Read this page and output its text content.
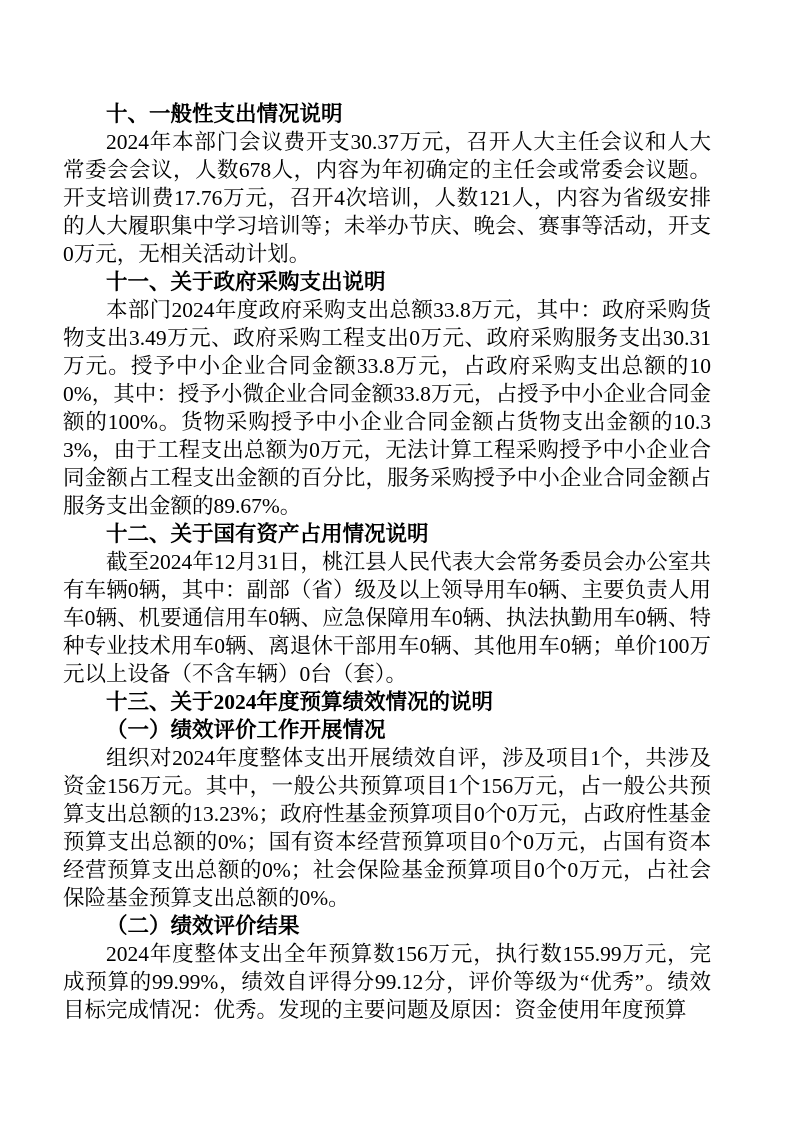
十、一般性支出情况说明

2024年本部门会议费开支30.37万元，召开人大主任会议和人大常委会会议，人数678人，内容为年初确定的主任会或常委会议题。开支培训费17.76万元，召开4次培训，人数121人，内容为省级安排的人大履职集中学习培训等；未举办节庆、晚会、赛事等活动，开支0万元，无相关活动计划。

十一、关于政府采购支出说明

本部门2024年度政府采购支出总额33.8万元，其中：政府采购货物支出3.49万元、政府采购工程支出0万元、政府采购服务支出30.31万元。授予中小企业合同金额33.8万元，占政府采购支出总额的100%，其中：授予小微企业合同金额33.8万元，占授予中小企业合同金额的100%。货物采购授予中小企业合同金额占货物支出金额的10.33%，由于工程支出总额为0万元，无法计算工程采购授予中小企业合同金额占工程支出金额的百分比，服务采购授予中小企业合同金额占服务支出金额的89.67%。

十二、关于国有资产占用情况说明

截至2024年12月31日，桃江县人民代表大会常务委员会办公室共有车辆0辆，其中：副部（省）级及以上领导用车0辆、主要负责人用车0辆、机要通信用车0辆、应急保障用车0辆、执法执勤用车0辆、特种专业技术用车0辆、离退休干部用车0辆、其他用车0辆；单价100万元以上设备（不含车辆）0台（套）。

十三、关于2024年度预算绩效情况的说明
（一）绩效评价工作开展情况

组织对2024年度整体支出开展绩效自评，涉及项目1个，共涉及资金156万元。其中，一般公共预算项目1个156万元，占一般公共预算支出总额的13.23%；政府性基金预算项目0个0万元，占政府性基金预算支出总额的0%；国有资本经营预算项目0个0万元，占国有资本经营预算支出总额的0%；社会保险基金预算项目0个0万元，占社会保险基金预算支出总额的0%。

（二）绩效评价结果

2024年度整体支出全年预算数156万元，执行数155.99万元，完成预算的99.99%，绩效自评得分99.12分，评价等级为“优秀”。绩效目标完成情况：优秀。发现的主要问题及原因：资金使用年度预算
